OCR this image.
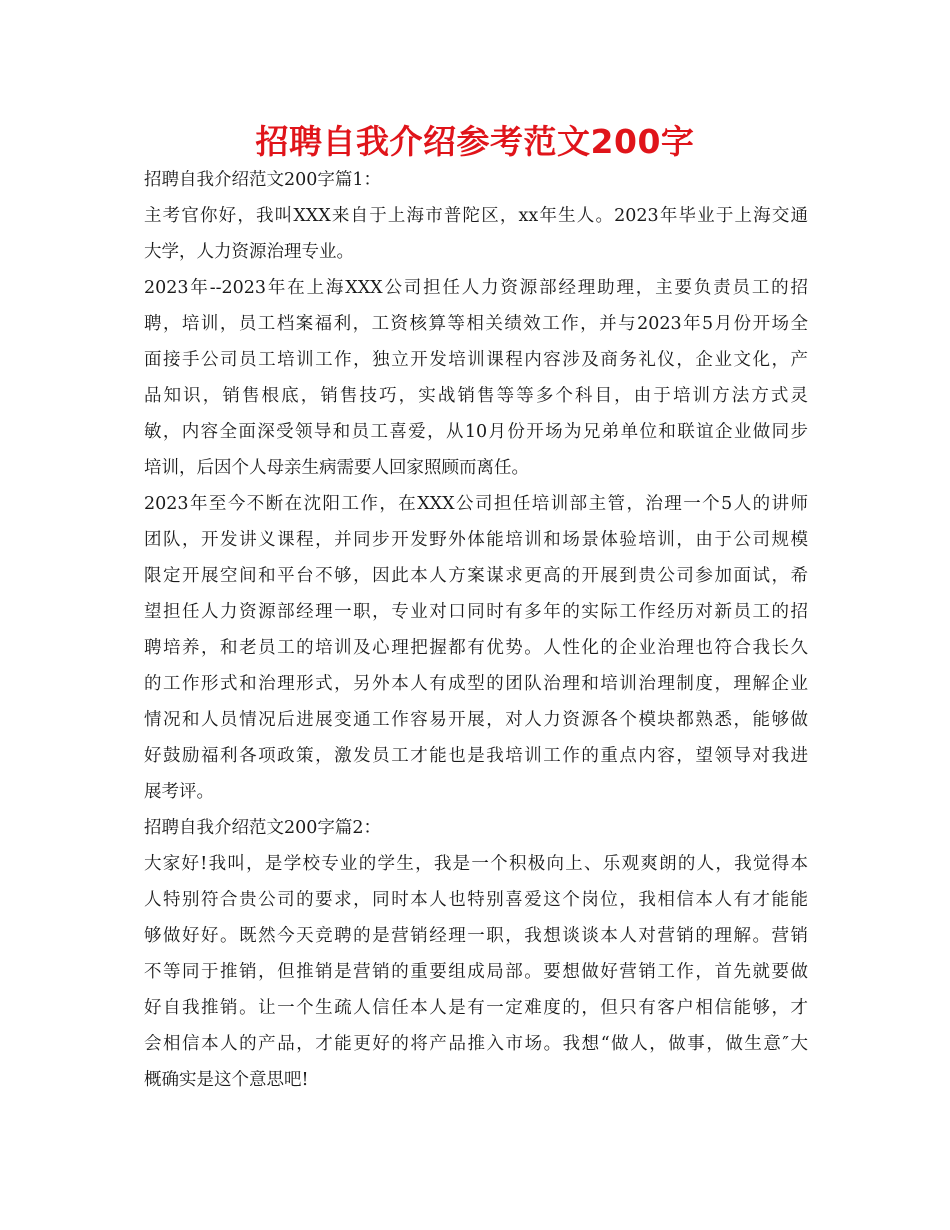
招聘自我介绍参考范文200字
招聘自我介绍范文200字篇1：
主考官你好，我叫XXX来自于上海市普陀区，xx年生人。2023年毕业于上海交通
大学，人力资源治理专业。
2023年--2023年在上海XXX公司担任人力资源部经理助理，主要负责员工的招
聘，培训，员工档案福利，工资核算等相关绩效工作，并与2023年5月份开场全
面接手公司员工培训工作，独立开发培训课程内容涉及商务礼仪，企业文化，产
品知识，销售根底，销售技巧，实战销售等等多个科目，由于培训方法方式灵
敏，内容全面深受领导和员工喜爱，从10月份开场为兄弟单位和联谊企业做同步
培训，后因个人母亲生病需要人回家照顾而离任。
2023年至今不断在沈阳工作，在XXX公司担任培训部主管，治理一个5人的讲师
团队，开发讲义课程，并同步开发野外体能培训和场景体验培训，由于公司规模
限定开展空间和平台不够，因此本人方案谋求更高的开展到贵公司参加面试，希
望担任人力资源部经理一职，专业对口同时有多年的实际工作经历对新员工的招
聘培养，和老员工的培训及心理把握都有优势。人性化的企业治理也符合我长久
的工作形式和治理形式，另外本人有成型的团队治理和培训治理制度，理解企业
情况和人员情况后进展变通工作容易开展，对人力资源各个模块都熟悉，能够做
好鼓励福利各项政策，激发员工才能也是我培训工作的重点内容，望领导对我进
展考评。
招聘自我介绍范文200字篇2：
大家好!我叫，是学校专业的学生，我是一个积极向上、乐观爽朗的人，我觉得本
人特别符合贵公司的要求，同时本人也特别喜爱这个岗位，我相信本人有才能能
够做好好。既然今天竞聘的是营销经理一职，我想谈谈本人对营销的理解。营销
不等同于推销，但推销是营销的重要组成局部。要想做好营销工作，首先就要做
好自我推销。让一个生疏人信任本人是有一定难度的，但只有客户相信能够，才
会相信本人的产品，才能更好的将产品推入市场。我想“做人，做事，做生意″大
概确实是这个意思吧!
